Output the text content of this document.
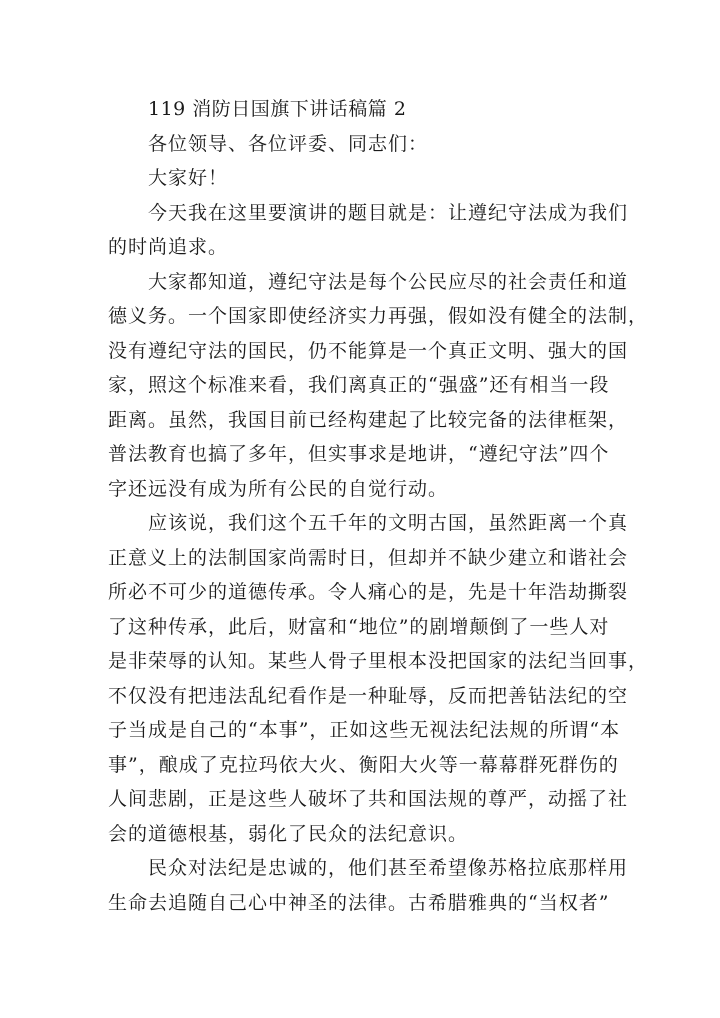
119 消防日国旗下讲话稿篇 2
各位领导、各位评委、同志们：
大家好！
今天我在这里要演讲的题目就是：让遵纪守法成为我们
的时尚追求。
大家都知道，遵纪守法是每个公民应尽的社会责任和道
德义务。一个国家即使经济实力再强，假如没有健全的法制，
没有遵纪守法的国民，仍不能算是一个真正文明、强大的国
家，照这个标准来看，我们离真正的“强盛”还有相当一段
距离。虽然，我国目前已经构建起了比较完备的法律框架，
普法教育也搞了多年，但实事求是地讲，“遵纪守法”四个
字还远没有成为所有公民的自觉行动。
应该说，我们这个五千年的文明古国，虽然距离一个真
正意义上的法制国家尚需时日，但却并不缺少建立和谐社会
所必不可少的道德传承。令人痛心的是，先是十年浩劫撕裂
了这种传承，此后，财富和“地位”的剧增颠倒了一些人对
是非荣辱的认知。某些人骨子里根本没把国家的法纪当回事，
不仅没有把违法乱纪看作是一种耻辱，反而把善钻法纪的空
子当成是自己的“本事”，正如这些无视法纪法规的所谓“本
事”，酿成了克拉玛依大火、衡阳大火等一幕幕群死群伤的
人间悲剧，正是这些人破坏了共和国法规的尊严，动摇了社
会的道德根基，弱化了民众的法纪意识。
民众对法纪是忠诚的，他们甚至希望像苏格拉底那样用
生命去追随自己心中神圣的法律。古希腊雅典的“当权者”
